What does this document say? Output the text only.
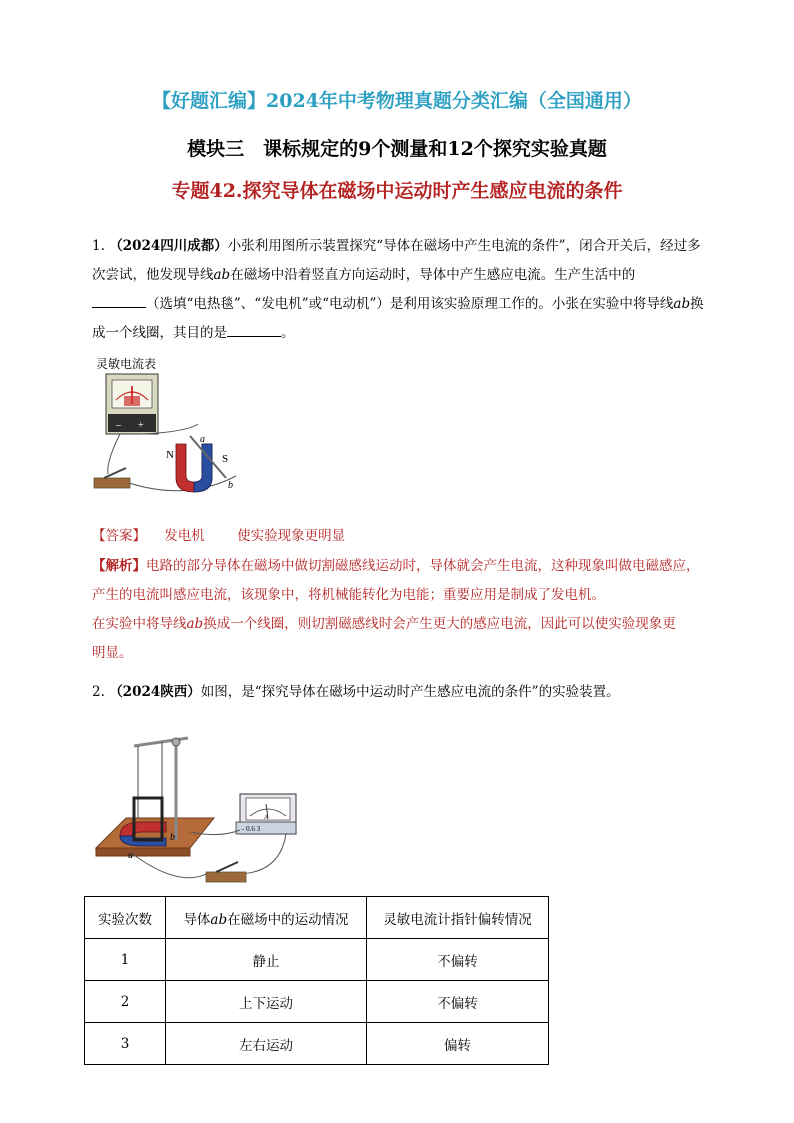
【好题汇编】2024年中考物理真题分类汇编（全国通用）
模块三　课标规定的9个测量和12个探究实验真题
专题42.探究导体在磁场中运动时产生感应电流的条件
1. （2024四川成都）小张利用图所示装置探究“导体在磁场中产生电流的条件”，闭合开关后，经过多次尝试，他发现导线ab在磁场中沿着竖直方向运动时，导体中产生感应电流。生产生活中的
（选填“电热毯”、“发电机”或“电动机”）是利用该实验原理工作的。小张在实验中将导线ab换成一个线圈，其目的是	。
灵敏电流表
– +
N	S
a
b
【答案】 发电机 使实验现象更明显
【解析】电路的部分导体在磁场中做切割磁感线运动时，导体就会产生电流，这种现象叫做电磁感应，
产生的电流叫感应电流，该现象中，将机械能转化为电能；重要应用是制成了发电机。
在实验中将导线ab换成一个线圈，则切割磁感线时会产生更大的感应电流，因此可以使实验现象更
明显。
2. （2024陕西）如图，是“探究导体在磁场中运动时产生感应电流的条件”的实验装置。
a
b
A
- 0.6 3
实验次数	导体ab在磁场中的运动情况	灵敏电流计指针偏转情况
1	静止	不偏转
2	上下运动	不偏转
3	左右运动	偏转
